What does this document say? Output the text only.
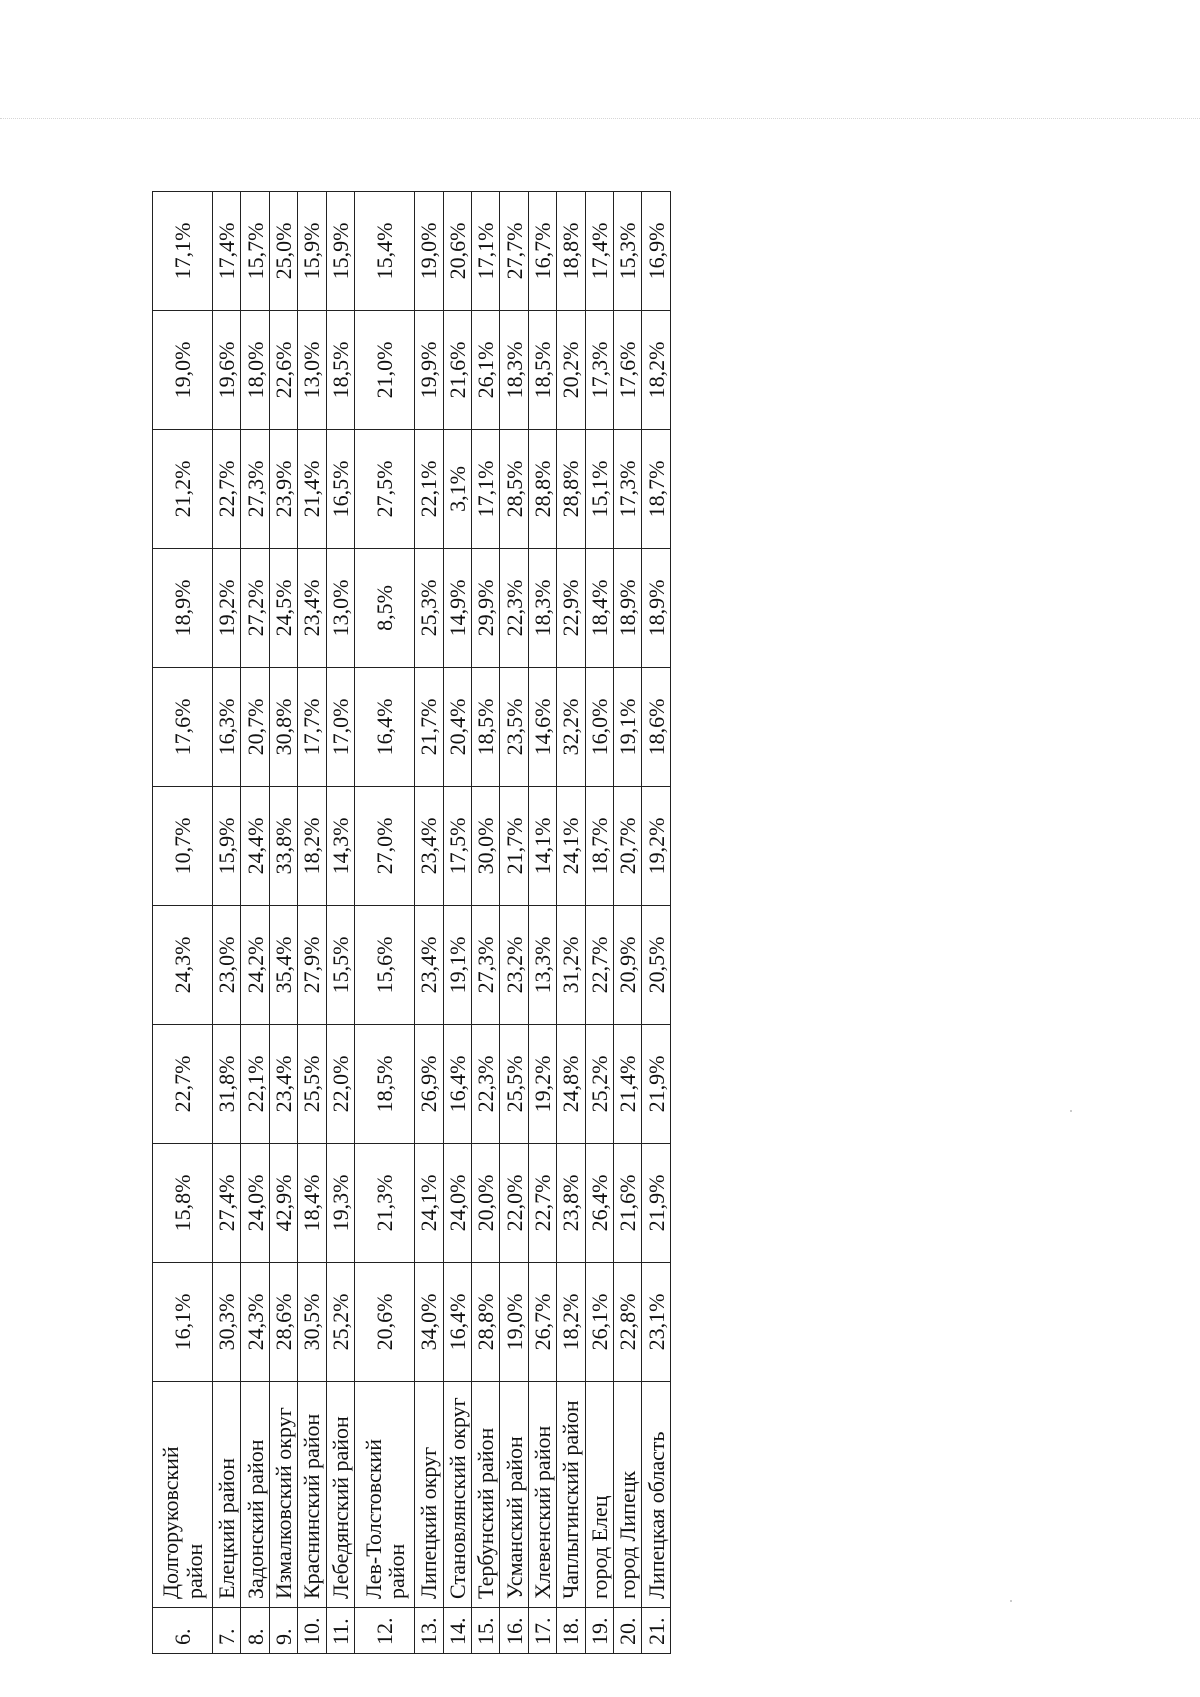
6.	Долгоруковский район	16,1%	15,8%	22,7%	24,3%	10,7%	17,6%	18,9%	21,2%	19,0%	17,1%
7.	Елецкий район	30,3%	27,4%	31,8%	23,0%	15,9%	16,3%	19,2%	22,7%	19,6%	17,4%
8.	Задонский район	24,3%	24,0%	22,1%	24,2%	24,4%	20,7%	27,2%	27,3%	18,0%	15,7%
9.	Измалковский округ	28,6%	42,9%	23,4%	35,4%	33,8%	30,8%	24,5%	23,9%	22,6%	25,0%
10.	Краснинский район	30,5%	18,4%	25,5%	27,9%	18,2%	17,7%	23,4%	21,4%	13,0%	15,9%
11.	Лебедянский район	25,2%	19,3%	22,0%	15,5%	14,3%	17,0%	13,0%	16,5%	18,5%	15,9%
12.	Лев-Толстовский район	20,6%	21,3%	18,5%	15,6%	27,0%	16,4%	8,5%	27,5%	21,0%	15,4%
13.	Липецкий округ	34,0%	24,1%	26,9%	23,4%	23,4%	21,7%	25,3%	22,1%	19,9%	19,0%
14.	Становлянский округ	16,4%	24,0%	16,4%	19,1%	17,5%	20,4%	14,9%	3,1%	21,6%	20,6%
15.	Тербунский район	28,8%	20,0%	22,3%	27,3%	30,0%	18,5%	29,9%	17,1%	26,1%	17,1%
16.	Усманский район	19,0%	22,0%	25,5%	23,2%	21,7%	23,5%	22,3%	28,5%	18,3%	27,7%
17.	Хлевенский район	26,7%	22,7%	19,2%	13,3%	14,1%	14,6%	18,3%	28,8%	18,5%	16,7%
18.	Чаплыгинский район	18,2%	23,8%	24,8%	31,2%	24,1%	32,2%	22,9%	28,8%	20,2%	18,8%
19.	город Елец	26,1%	26,4%	25,2%	22,7%	18,7%	16,0%	18,4%	15,1%	17,3%	17,4%
20.	город Липецк	22,8%	21,6%	21,4%	20,9%	20,7%	19,1%	18,9%	17,3%	17,6%	15,3%
21.	Липецкая область	23,1%	21,9%	21,9%	20,5%	19,2%	18,6%	18,9%	18,7%	18,2%	16,9%
